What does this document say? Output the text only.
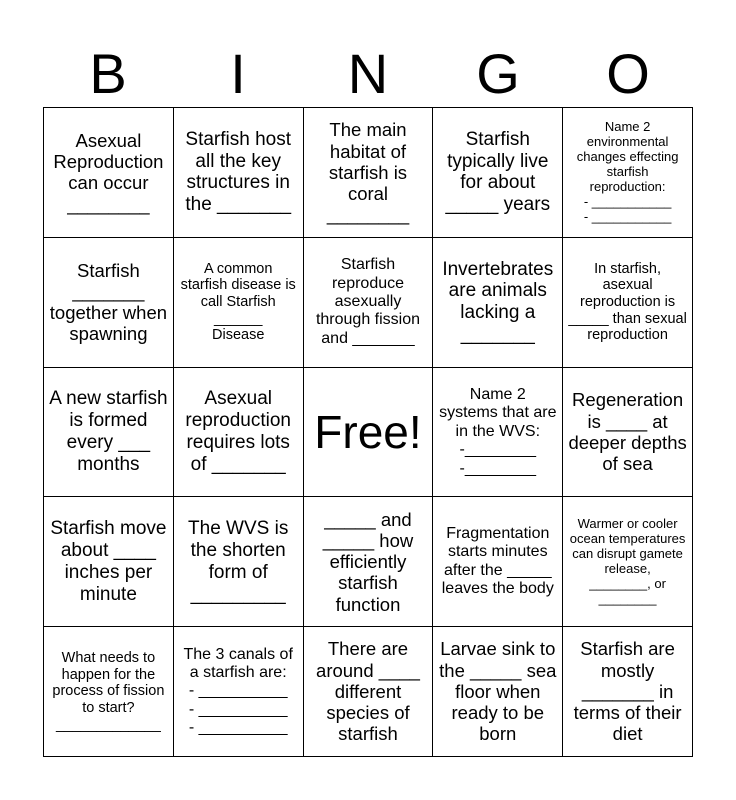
B	I	N	G	O
Asexual Reproduction can occur
________
Starfish host all the key structures in the _______
The main habitat of starfish is coral
________
Starfish typically live for about _____ years
Name 2 environmental changes effecting starfish reproduction:
- ___________
- ___________
Starfish
_______
together when spawning
A common starfish disease is call Starfish
______
Disease
Starfish reproduce asexually through fission and _______
Invertebrates are animals lacking a
_______
In starfish, asexual reproduction is _____ than sexual reproduction
A new starfish is formed every ___ months
Asexual reproduction requires lots of _______
Free!
Name 2 systems that are in the WVS:
-________
-________
Regeneration is ____ at deeper depths of sea
Starfish move about ____ inches per minute
The WVS is the shorten form of
_________
_____ and _____ how efficiently starfish function
Fragmentation starts minutes after the _____ leaves the body
Warmer or cooler ocean temperatures can disrupt gamete release,
________, or
________
What needs to happen for the process of fission to start?
_____________
The 3 canals of a starfish are:
- __________
- __________
- __________
There are around ____ different species of starfish
Larvae sink to the _____ sea floor when ready to be born
Starfish are mostly _______ in terms of their diet
